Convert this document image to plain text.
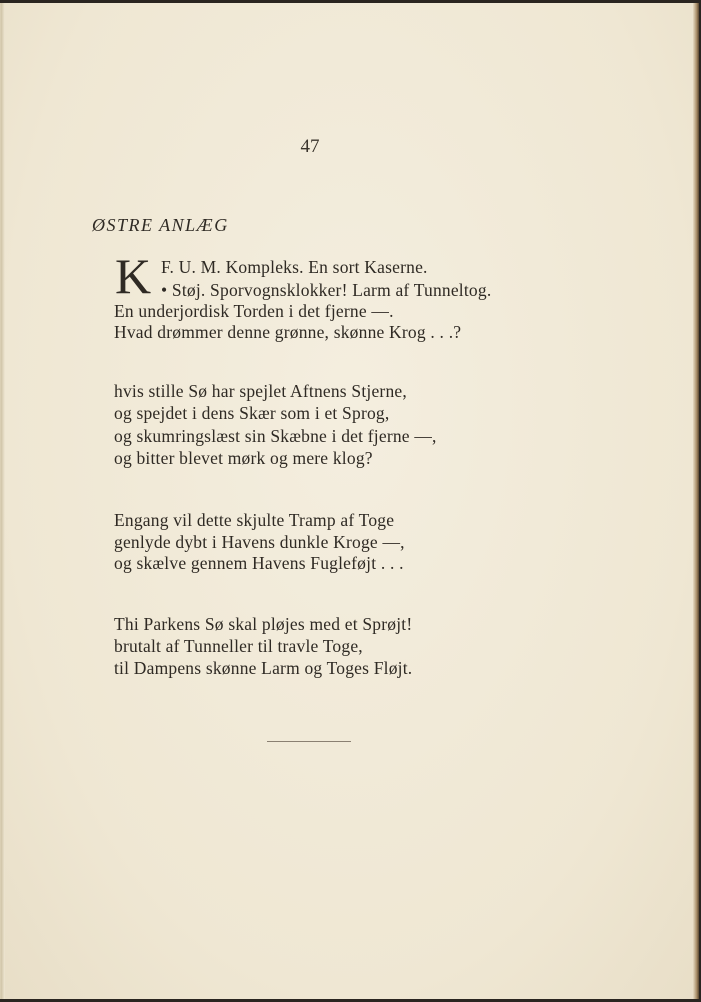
47
ØSTRE ANLÆG
K F. U. M. Kompleks. En sort Kaserne.
• Støj. Sporvognsklokker! Larm af Tunneltog.
En underjordisk Torden i det fjerne —.
Hvad drømmer denne grønne, skønne Krog . . .?
hvis stille Sø har spejlet Aftnens Stjerne,
og spejdet i dens Skær som i et Sprog,
og skumringslæst sin Skæbne i det fjerne —,
og bitter blevet mørk og mere klog?
Engang vil dette skjulte Tramp af Toge
genlyde dybt i Havens dunkle Kroge —,
og skælve gennem Havens Fugleføjt . . .
Thi Parkens Sø skal pløjes med et Sprøjt!
brutalt af Tunneller til travle Toge,
til Dampens skønne Larm og Toges Fløjt.
